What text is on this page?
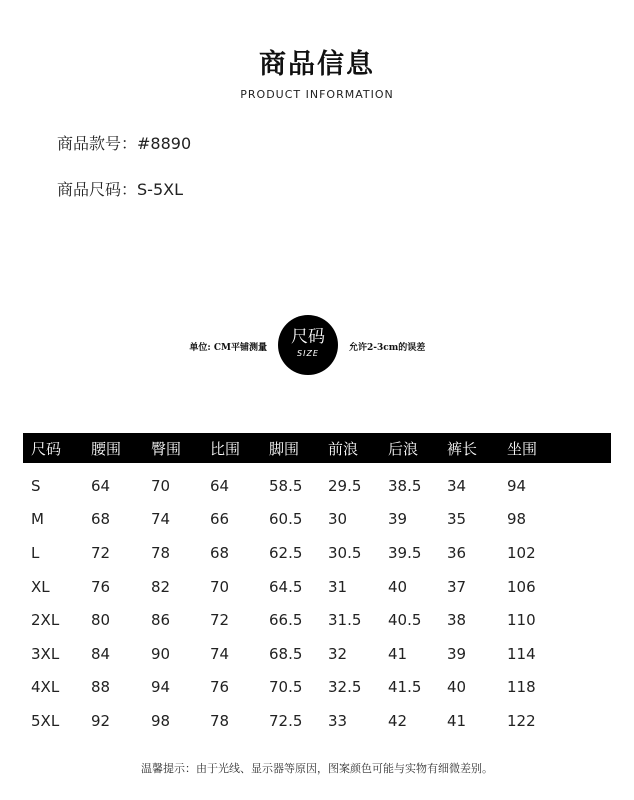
商品信息
PRODUCT INFORMATION
商品款号：#8890
商品尺码：S-5XL
单位: CM平铺测量
尺码
SIZE
允许2-3cm的误差
尺码	腰围	臀围	比围	脚围	前浪	后浪	裤长	坐围
S	64	70	64	58.5	29.5	38.5	34	94
M	68	74	66	60.5	30	39	35	98
L	72	78	68	62.5	30.5	39.5	36	102
XL	76	82	70	64.5	31	40	37	106
2XL	80	86	72	66.5	31.5	40.5	38	110
3XL	84	90	74	68.5	32	41	39	114
4XL	88	94	76	70.5	32.5	41.5	40	118
5XL	92	98	78	72.5	33	42	41	122
温馨提示：由于光线、显示器等原因，图案颜色可能与实物有细微差别。
